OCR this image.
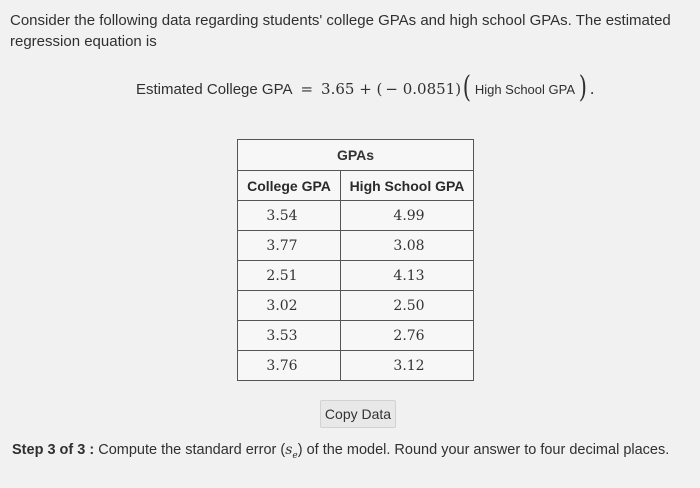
Consider the following data regarding students' college GPAs and high school GPAs. The estimated regression equation is
Estimated College GPA = 3.65 + ( − 0.0851) ( High School GPA ) .
GPAs	
College GPA	High School GPA
3.54	4.99
3.77	3.08
2.51	4.13
3.02	2.50
3.53	2.76
3.76	3.12
Copy Data
Step 3 of 3 : Compute the standard error $(s_e)$ of the model. Round your answer to four decimal places.
